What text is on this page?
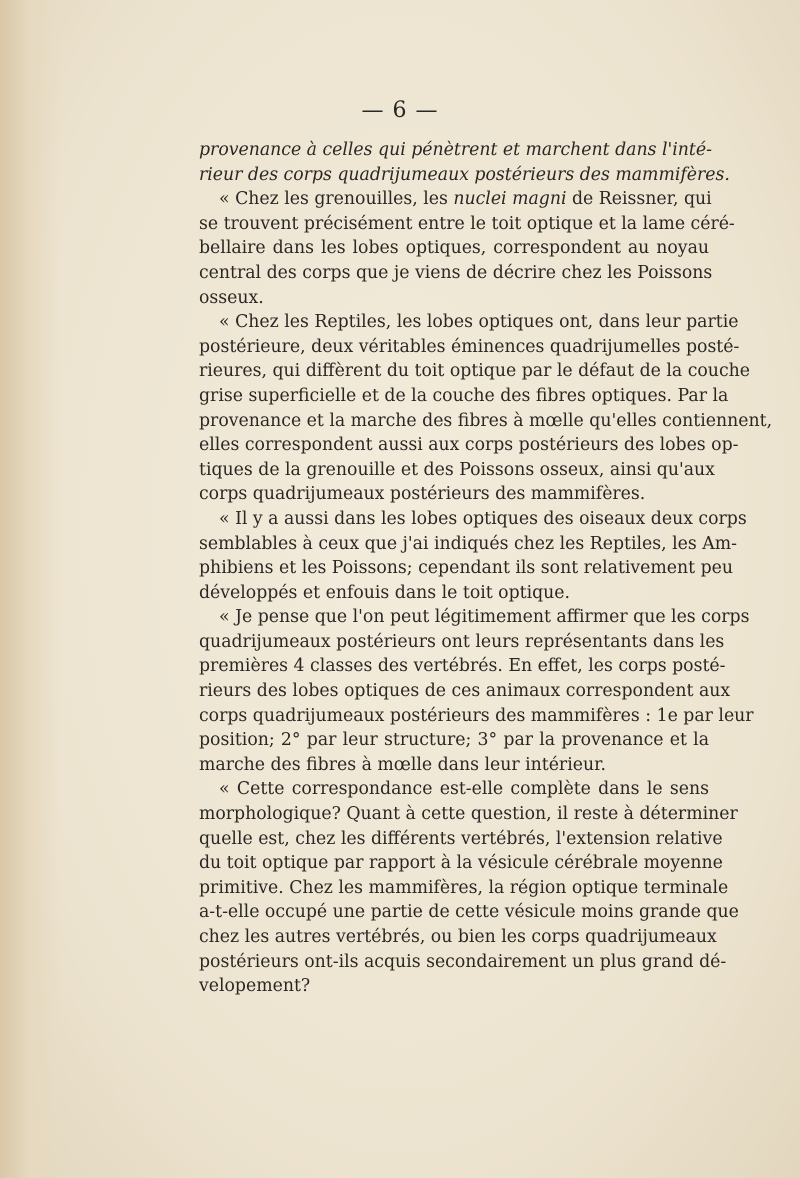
— 6 —
provenance à celles qui pénètrent et marchent dans l'inté-
rieur des corps quadrijumeaux postérieurs des mammifères.
« Chez les grenouilles, les nuclei magni de Reissner, qui
se trouvent précisément entre le toit optique et la lame céré-
bellaire dans les lobes optiques, correspondent au noyau
central des corps que je viens de décrire chez les Poissons
osseux.
« Chez les Reptiles, les lobes optiques ont, dans leur partie
postérieure, deux véritables éminences quadrijumelles posté-
rieures, qui diffèrent du toit optique par le défaut de la couche
grise superficielle et de la couche des fibres optiques. Par la
provenance et la marche des fibres à mœlle qu'elles contiennent,
elles correspondent aussi aux corps postérieurs des lobes op-
tiques de la grenouille et des Poissons osseux, ainsi qu'aux
corps quadrijumeaux postérieurs des mammifères.
« Il y a aussi dans les lobes optiques des oiseaux deux corps
semblables à ceux que j'ai indiqués chez les Reptiles, les Am-
phibiens et les Poissons; cependant ils sont relativement peu
développés et enfouis dans le toit optique.
« Je pense que l'on peut légitimement affirmer que les corps
quadrijumeaux postérieurs ont leurs représentants dans les
premières 4 classes des vertébrés. En effet, les corps posté-
rieurs des lobes optiques de ces animaux correspondent aux
corps quadrijumeaux postérieurs des mammifères : 1e par leur
position; 2° par leur structure; 3° par la provenance et la
marche des fibres à mœlle dans leur intérieur.
« Cette correspondance est-elle complète dans le sens
morphologique? Quant à cette question, il reste à déterminer
quelle est, chez les différents vertébrés, l'extension relative
du toit optique par rapport à la vésicule cérébrale moyenne
primitive. Chez les mammifères, la région optique terminale
a-t-elle occupé une partie de cette vésicule moins grande que
chez les autres vertébrés, ou bien les corps quadrijumeaux
postérieurs ont-ils acquis secondairement un plus grand dé-
velopement?
